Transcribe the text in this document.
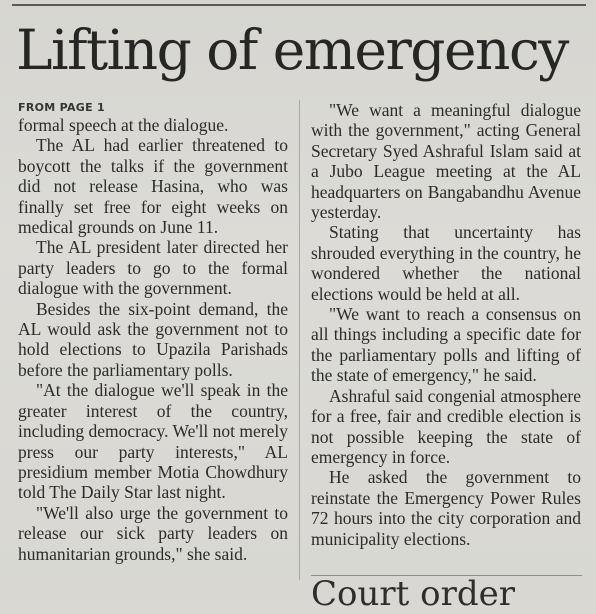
Lifting of emergency
FROM PAGE 1

formal speech at the dialogue.

The AL had earlier threatened to boycott the talks if the government did not release Hasina, who was finally set free for eight weeks on medical grounds on June 11.

The AL president later directed her party leaders to go to the formal dialogue with the government.

Besides the six-point demand, the AL would ask the government not to hold elections to Upazila Parishads before the parliamentary polls.

"At the dialogue we'll speak in the greater interest of the country, including democracy. We'll not merely press our party interests," AL presidium member Motia Chowdhury told The Daily Star last night.

"We'll also urge the government to release our sick party leaders on humanitarian grounds," she said.

"We want a meaningful dialogue with the government," acting General Secretary Syed Ashraful Islam said at a Jubo League meeting at the AL headquarters on Bangabandhu Avenue yesterday.

Stating that uncertainty has shrouded everything in the country, he wondered whether the national elections would be held at all.

"We want to reach a consensus on all things including a specific date for the parliamentary polls and lifting of the state of emergency," he said.

Ashraful said congenial atmosphere for a free, fair and credible election is not possible keeping the state of emergency in force.

He asked the government to reinstate the Emergency Power Rules 72 hours into the city corporation and municipality elections.

Court order
